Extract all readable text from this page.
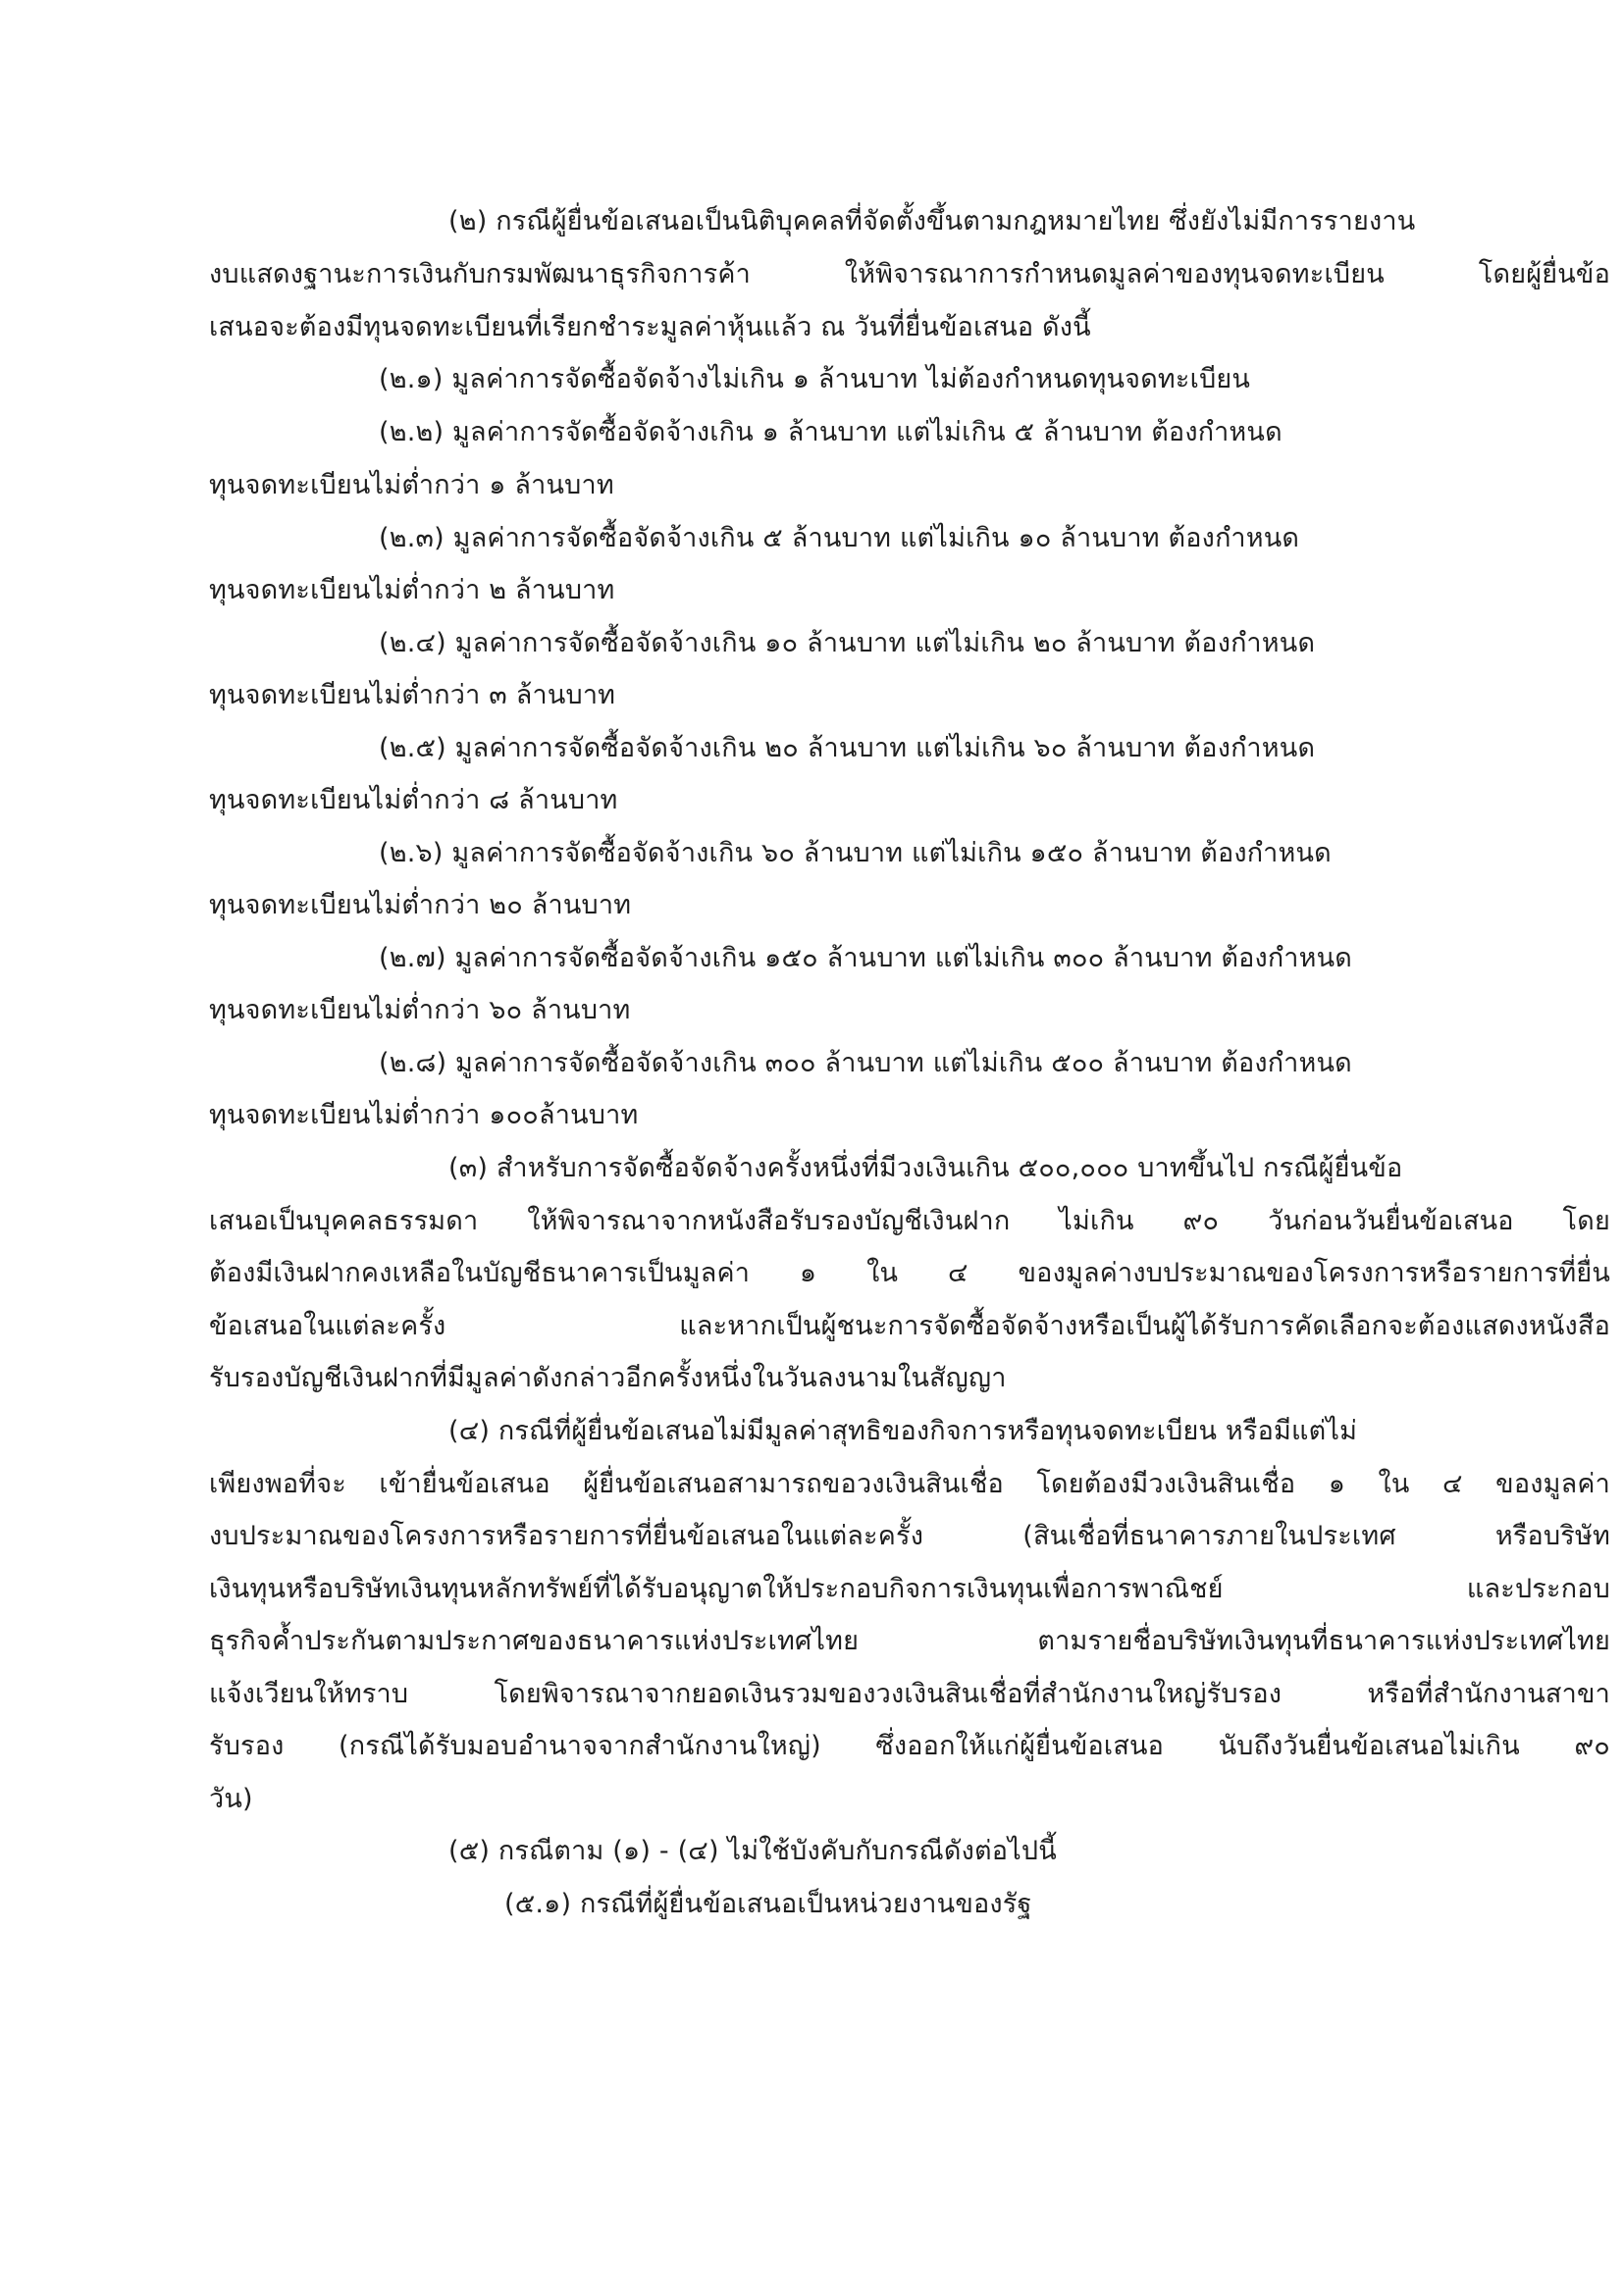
(๒) กรณีผู้ยื่นข้อเสนอเป็นนิติบุคคลที่จัดตั้งขึ้นตามกฎหมายไทย ซึ่งยังไม่มีการรายงาน
งบแสดงฐานะการเงินกับกรมพัฒนาธุรกิจการค้า ให้พิจารณาการกำหนดมูลค่าของทุนจดทะเบียน โดยผู้ยื่นข้อ
เสนอจะต้องมีทุนจดทะเบียนที่เรียกชำระมูลค่าหุ้นแล้ว ณ วันที่ยื่นข้อเสนอ ดังนี้
(๒.๑) มูลค่าการจัดซื้อจัดจ้างไม่เกิน ๑ ล้านบาท ไม่ต้องกำหนดทุนจดทะเบียน
(๒.๒) มูลค่าการจัดซื้อจัดจ้างเกิน ๑ ล้านบาท แต่ไม่เกิน ๕ ล้านบาท ต้องกำหนด
ทุนจดทะเบียนไม่ต่ำกว่า ๑ ล้านบาท
(๒.๓) มูลค่าการจัดซื้อจัดจ้างเกิน ๕ ล้านบาท แต่ไม่เกิน ๑๐ ล้านบาท ต้องกำหนด
ทุนจดทะเบียนไม่ต่ำกว่า ๒ ล้านบาท
(๒.๔) มูลค่าการจัดซื้อจัดจ้างเกิน ๑๐ ล้านบาท แต่ไม่เกิน ๒๐ ล้านบาท ต้องกำหนด
ทุนจดทะเบียนไม่ต่ำกว่า ๓ ล้านบาท
(๒.๕) มูลค่าการจัดซื้อจัดจ้างเกิน ๒๐ ล้านบาท แต่ไม่เกิน ๖๐ ล้านบาท ต้องกำหนด
ทุนจดทะเบียนไม่ต่ำกว่า ๘ ล้านบาท
(๒.๖) มูลค่าการจัดซื้อจัดจ้างเกิน ๖๐ ล้านบาท แต่ไม่เกิน ๑๕๐ ล้านบาท ต้องกำหนด
ทุนจดทะเบียนไม่ต่ำกว่า ๒๐ ล้านบาท
(๒.๗) มูลค่าการจัดซื้อจัดจ้างเกิน ๑๕๐ ล้านบาท แต่ไม่เกิน ๓๐๐ ล้านบาท ต้องกำหนด
ทุนจดทะเบียนไม่ต่ำกว่า ๖๐ ล้านบาท
(๒.๘) มูลค่าการจัดซื้อจัดจ้างเกิน ๓๐๐ ล้านบาท แต่ไม่เกิน ๕๐๐ ล้านบาท ต้องกำหนด
ทุนจดทะเบียนไม่ต่ำกว่า ๑๐๐ล้านบาท
(๓) สำหรับการจัดซื้อจัดจ้างครั้งหนึ่งที่มีวงเงินเกิน ๕๐๐,๐๐๐ บาทขึ้นไป กรณีผู้ยื่นข้อ
เสนอเป็นบุคคลธรรมดา ให้พิจารณาจากหนังสือรับรองบัญชีเงินฝาก ไม่เกิน ๙๐ วันก่อนวันยื่นข้อเสนอ โดย
ต้องมีเงินฝากคงเหลือในบัญชีธนาคารเป็นมูลค่า ๑ ใน ๔ ของมูลค่างบประมาณของโครงการหรือรายการที่ยื่น
ข้อเสนอในแต่ละครั้ง และหากเป็นผู้ชนะการจัดซื้อจัดจ้างหรือเป็นผู้ได้รับการคัดเลือกจะต้องแสดงหนังสือ
รับรองบัญชีเงินฝากที่มีมูลค่าดังกล่าวอีกครั้งหนึ่งในวันลงนามในสัญญา
(๔) กรณีที่ผู้ยื่นข้อเสนอไม่มีมูลค่าสุทธิของกิจการหรือทุนจดทะเบียน หรือมีแต่ไม่
เพียงพอที่จะ เข้ายื่นข้อเสนอ ผู้ยื่นข้อเสนอสามารถขอวงเงินสินเชื่อ โดยต้องมีวงเงินสินเชื่อ ๑ ใน ๔ ของมูลค่า
งบประมาณของโครงการหรือรายการที่ยื่นข้อเสนอในแต่ละครั้ง (สินเชื่อที่ธนาคารภายในประเทศ หรือบริษัท
เงินทุนหรือบริษัทเงินทุนหลักทรัพย์ที่ได้รับอนุญาตให้ประกอบกิจการเงินทุนเพื่อการพาณิชย์ และประกอบ
ธุรกิจค้ำประกันตามประกาศของธนาคารแห่งประเทศไทย ตามรายชื่อบริษัทเงินทุนที่ธนาคารแห่งประเทศไทย
แจ้งเวียนให้ทราบ โดยพิจารณาจากยอดเงินรวมของวงเงินสินเชื่อที่สำนักงานใหญ่รับรอง หรือที่สำนักงานสาขา
รับรอง (กรณีได้รับมอบอำนาจจากสำนักงานใหญ่) ซึ่งออกให้แก่ผู้ยื่นข้อเสนอ นับถึงวันยื่นข้อเสนอไม่เกิน ๙๐
วัน)
(๕) กรณีตาม (๑) - (๔) ไม่ใช้บังคับกับกรณีดังต่อไปนี้
(๕.๑) กรณีที่ผู้ยื่นข้อเสนอเป็นหน่วยงานของรัฐ
